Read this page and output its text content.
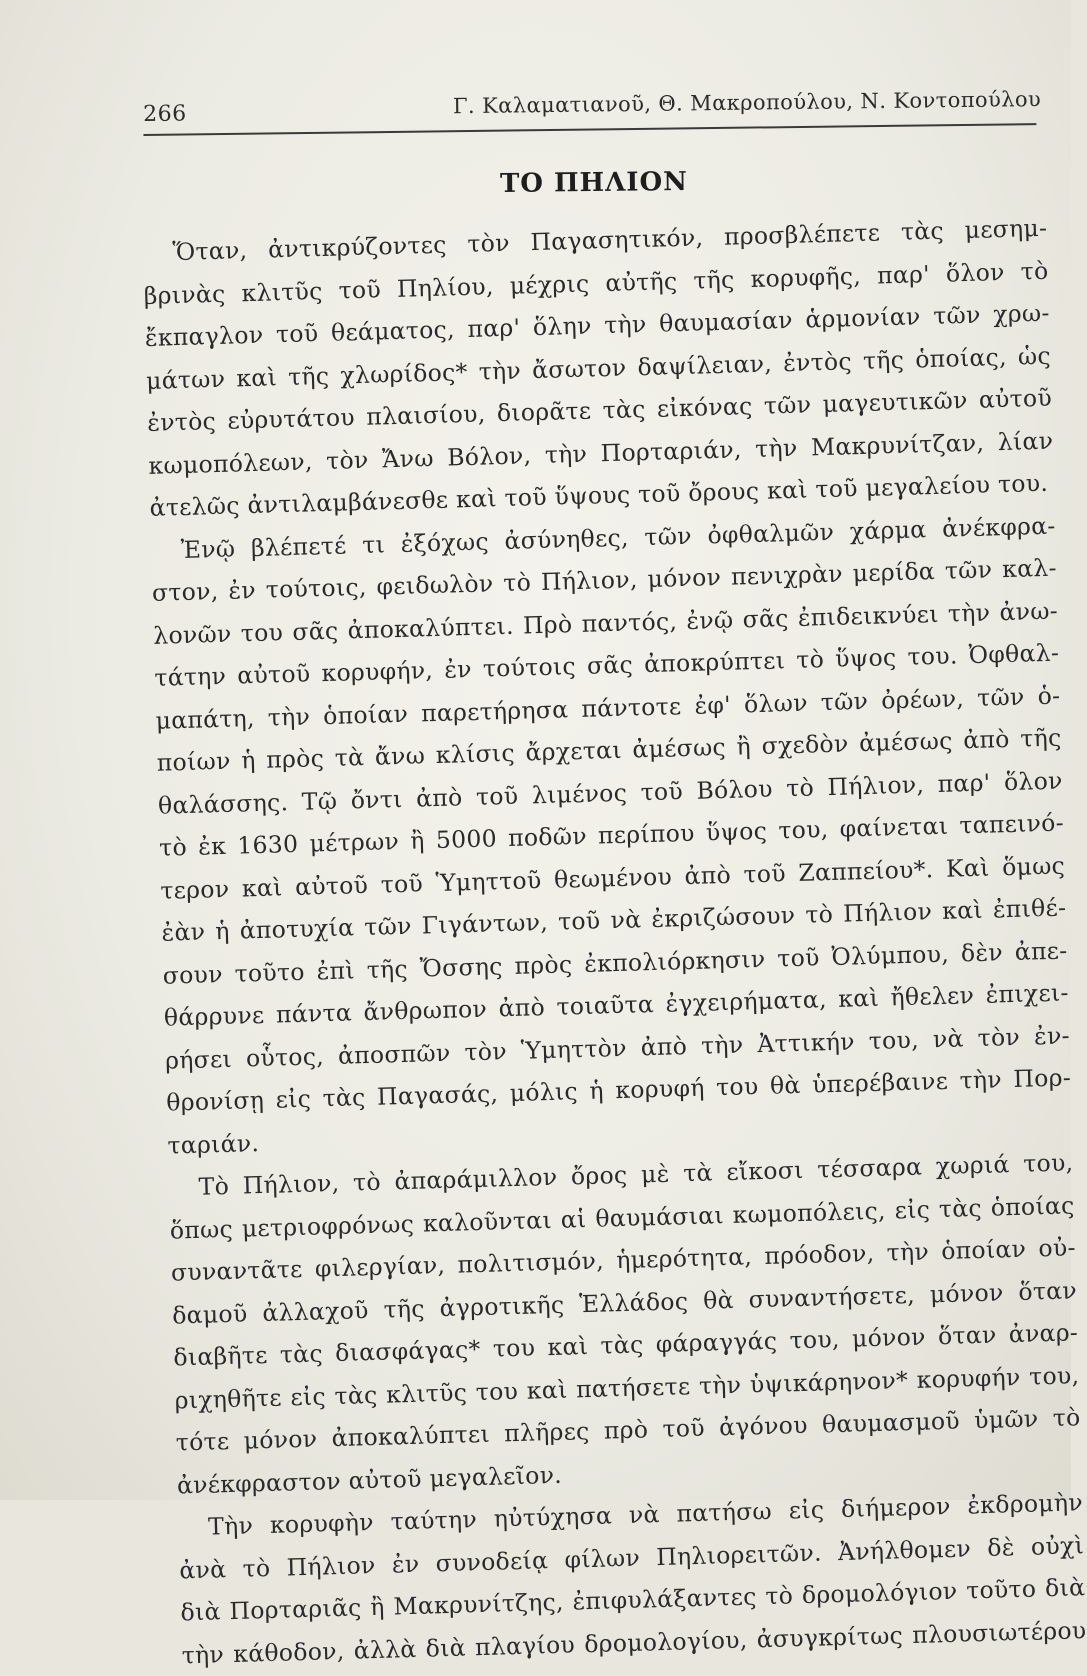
266	Γ. Καλαματιανοῦ, Θ. Μακροπούλου, Ν. Κοντοπούλου
ΤΟ ΠΗΛΙΟΝ
Ὅταν, ἀντικρύζοντες τὸν Παγασητικόν, προσβλέπετε τὰς μεσημ-
βρινὰς κλιτῦς τοῦ Πηλίου, μέχρις αὐτῆς τῆς κορυφῆς, παρ' ὅλον τὸ
ἔκπαγλον τοῦ θεάματος, παρ' ὅλην τὴν θαυμασίαν ἁρμονίαν τῶν χρω-
μάτων καὶ τῆς χλωρίδος* τὴν ἄσωτον δαψίλειαν, ἐντὸς τῆς ὁποίας, ὡς
ἐντὸς εὐρυτάτου πλαισίου, διορᾶτε τὰς εἰκόνας τῶν μαγευτικῶν αὐτοῦ
κωμοπόλεων, τὸν Ἄνω Βόλον, τὴν Πορταριάν, τὴν Μακρυνίτζαν, λίαν
ἀτελῶς ἀντιλαμβάνεσθε καὶ τοῦ ὕψους τοῦ ὄρους καὶ τοῦ μεγαλείου του.
Ἐνῷ βλέπετέ τι ἐξόχως ἀσύνηθες, τῶν ὀφθαλμῶν χάρμα ἀνέκφρα-
στον, ἐν τούτοις, φειδωλὸν τὸ Πήλιον, μόνον πενιχρὰν μερίδα τῶν καλ-
λονῶν του σᾶς ἀποκαλύπτει. Πρὸ παντός, ἐνῷ σᾶς ἐπιδεικνύει τὴν ἀνω-
τάτην αὐτοῦ κορυφήν, ἐν τούτοις σᾶς ἀποκρύπτει τὸ ὕψος του. Ὀφθαλ-
μαπάτη, τὴν ὁποίαν παρετήρησα πάντοτε ἐφ' ὅλων τῶν ὀρέων, τῶν ὁ-
ποίων ἡ πρὸς τὰ ἄνω κλίσις ἄρχεται ἀμέσως ἢ σχεδὸν ἀμέσως ἀπὸ τῆς
θαλάσσης. Τῷ ὄντι ἀπὸ τοῦ λιμένος τοῦ Βόλου τὸ Πήλιον, παρ' ὅλον
τὸ ἐκ 1630 μέτρων ἢ 5000 ποδῶν περίπου ὕψος του, φαίνεται ταπεινό-
τερον καὶ αὐτοῦ τοῦ Ὑμηττοῦ θεωμένου ἀπὸ τοῦ Ζαππείου*. Καὶ ὅμως
ἐὰν ἡ ἀποτυχία τῶν Γιγάντων, τοῦ νὰ ἐκριζώσουν τὸ Πήλιον καὶ ἐπιθέ-
σουν τοῦτο ἐπὶ τῆς Ὄσσης πρὸς ἐκπολιόρκησιν τοῦ Ὀλύμπου, δὲν ἀπε-
θάρρυνε πάντα ἄνθρωπον ἀπὸ τοιαῦτα ἐγχειρήματα, καὶ ἤθελεν ἐπιχει-
ρήσει οὗτος, ἀποσπῶν τὸν Ὑμηττὸν ἀπὸ τὴν Ἀττικήν του, νὰ τὸν ἐν-
θρονίσῃ εἰς τὰς Παγασάς, μόλις ἡ κορυφή του θὰ ὑπερέβαινε τὴν Πορ-
ταριάν.
Τὸ Πήλιον, τὸ ἀπαράμιλλον ὄρος μὲ τὰ εἴκοσι τέσσαρα χωριά του,
ὅπως μετριοφρόνως καλοῦνται αἱ θαυμάσιαι κωμοπόλεις, εἰς τὰς ὁποίας
συναντᾶτε φιλεργίαν, πολιτισμόν, ἡμερότητα, πρόοδον, τὴν ὁποίαν οὐ-
δαμοῦ ἀλλαχοῦ τῆς ἀγροτικῆς Ἑλλάδος θὰ συναντήσετε, μόνον ὅταν
διαβῆτε τὰς διασφάγας* του καὶ τὰς φάραγγάς του, μόνον ὅταν ἀναρ-
ριχηθῆτε εἰς τὰς κλιτῦς του καὶ πατήσετε τὴν ὑψικάρηνον* κορυφήν του,
τότε μόνον ἀποκαλύπτει πλῆρες πρὸ τοῦ ἀγόνου θαυμασμοῦ ὑμῶν τὸ
ἀνέκφραστον αὐτοῦ μεγαλεῖον.
Τὴν κορυφὴν ταύτην ηὐτύχησα νὰ πατήσω εἰς διήμερον ἐκδρομὴν
ἀνὰ τὸ Πήλιον ἐν συνοδείᾳ φίλων Πηλιορειτῶν. Ἀνήλθομεν δὲ οὐχὶ
διὰ Πορταριᾶς ἢ Μακρυνίτζης, ἐπιφυλάξαντες τὸ δρομολόγιον τοῦτο διὰ
τὴν κάθοδον, ἀλλὰ διὰ πλαγίου δρομολογίου, ἀσυγκρίτως πλουσιωτέρου
